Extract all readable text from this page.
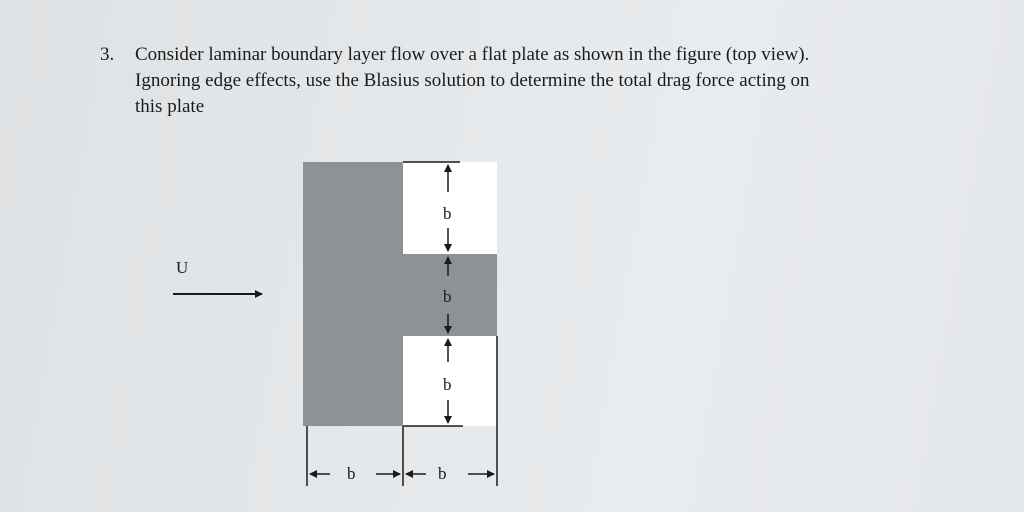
3. Consider laminar boundary layer flow over a flat plate as shown in the figure (top view).
Ignoring edge effects, use the Blasius solution to determine the total drag force acting on
this plate
U
b
b
b
b	b
